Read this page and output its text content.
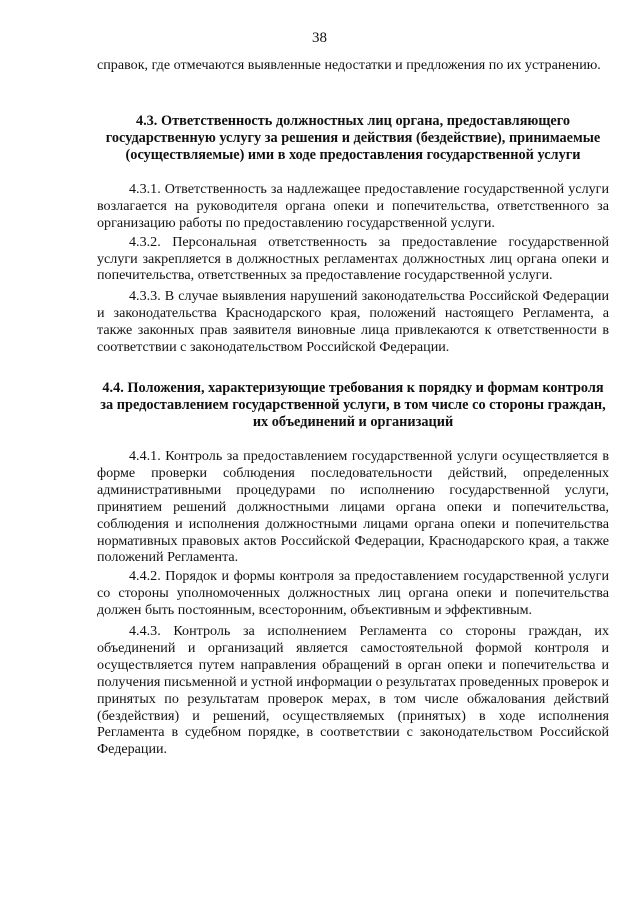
38

справок, где отмечаются выявленные недостатки и предложения по их устранению.

4.3. Ответственность должностных лиц органа, предоставляющего государственную услугу за решения и действия (бездействие), принимаемые (осуществляемые) ими в ходе предоставления государственной услуги

4.3.1. Ответственность за надлежащее предоставление государственной услуги возлагается на руководителя органа опеки и попечительства, ответственного за организацию работы по предоставлению государственной услуги.

4.3.2. Персональная ответственность за предоставление государственной услуги закрепляется в должностных регламентах должностных лиц органа опеки и попечительства, ответственных за предоставление государственной услуги.

4.3.3. В случае выявления нарушений законодательства Российской Федерации и законодательства Краснодарского края, положений настоящего Регламента, а также законных прав заявителя виновные лица привлекаются к ответственности в соответствии с законодательством Российской Федерации.

4.4. Положения, характеризующие требования к порядку и формам контроля за предоставлением государственной услуги, в том числе со стороны граждан, их объединений и организаций

4.4.1. Контроль за предоставлением государственной услуги осуществляется в форме проверки соблюдения последовательности действий, определенных административными процедурами по исполнению государственной услуги, принятием решений должностными лицами органа опеки и попечительства, соблюдения и исполнения должностными лицами органа опеки и попечительства нормативных правовых актов Российской Федерации, Краснодарского края, а также положений Регламента.

4.4.2. Порядок и формы контроля за предоставлением государственной услуги со стороны уполномоченных должностных лиц органа опеки и попечительства должен быть постоянным, всесторонним, объективным и эффективным.

4.4.3. Контроль за исполнением Регламента со стороны граждан, их объединений и организаций является самостоятельной формой контроля и осуществляется путем направления обращений в орган опеки и попечительства и получения письменной и устной информации о результатах проведенных проверок и принятых по результатам проверок мерах, в том числе обжалования действий (бездействия) и решений, осуществляемых (принятых) в ходе исполнения Регламента в судебном порядке, в соответствии с законодательством Российской Федерации.
